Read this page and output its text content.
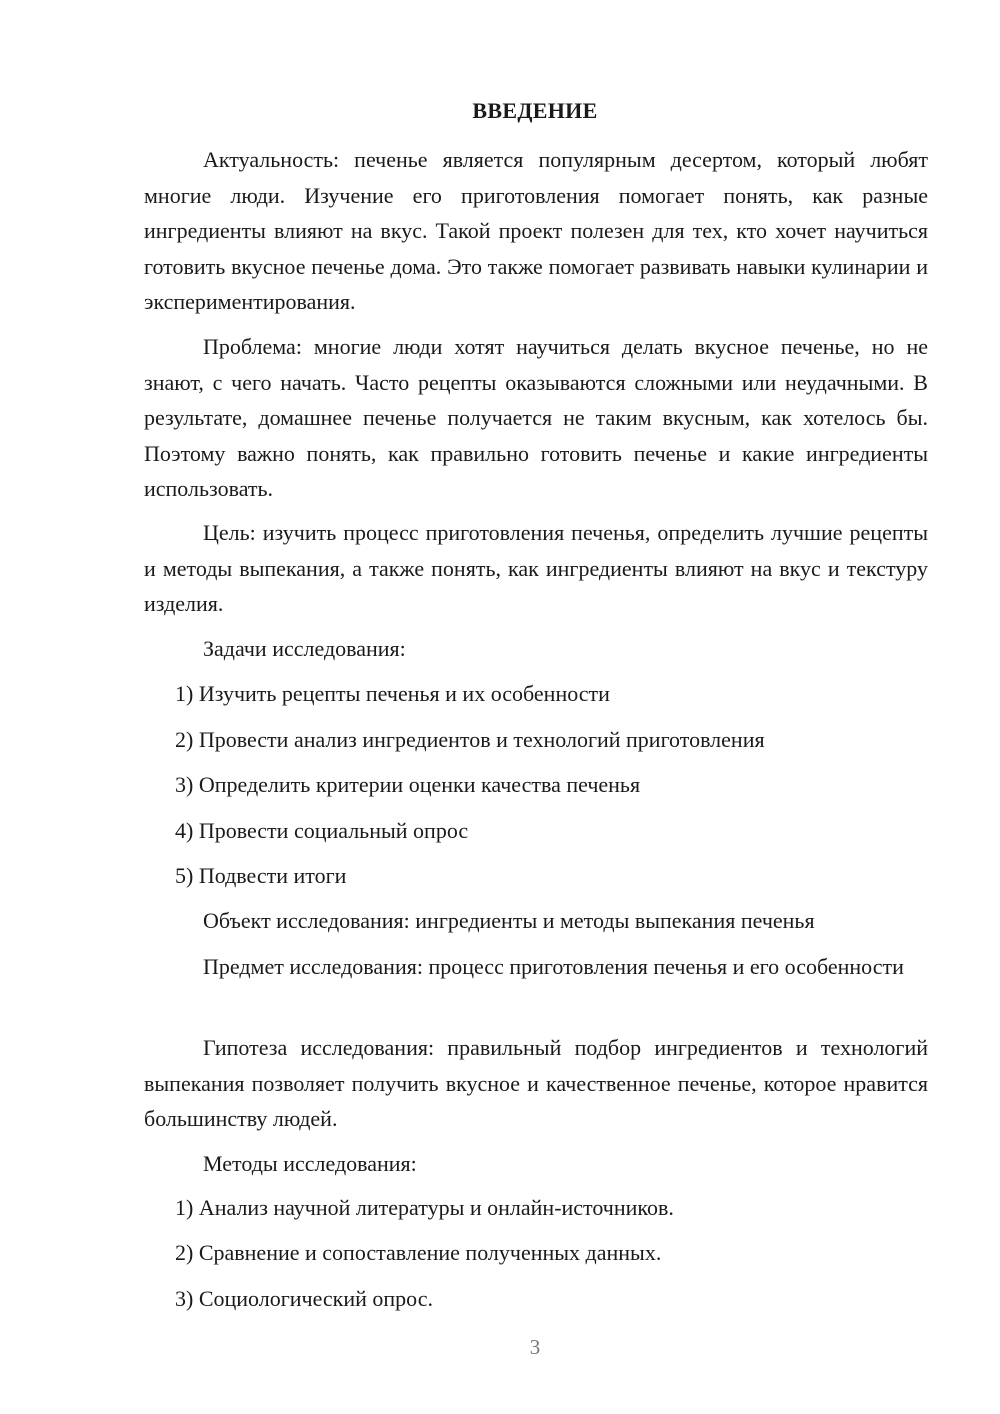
ВВЕДЕНИЕ

Актуальность: печенье является популярным десертом, который любят многие люди. Изучение его приготовления помогает понять, как разные ингредиенты влияют на вкус. Такой проект полезен для тех, кто хочет научиться готовить вкусное печенье дома. Это также помогает развивать навыки кулинарии и экспериментирования.

Проблема: многие люди хотят научиться делать вкусное печенье, но не знают, с чего начать. Часто рецепты оказываются сложными или неудачными. В результате, домашнее печенье получается не таким вкусным, как хотелось бы. Поэтому важно понять, как правильно готовить печенье и какие ингредиенты использовать.

Цель: изучить процесс приготовления печенья, определить лучшие рецепты и методы выпекания, а также понять, как ингредиенты влияют на вкус и текстуру изделия.

Задачи исследования:

1) Изучить рецепты печенья и их особенности

2) Провести анализ ингредиентов и технологий приготовления

3) Определить критерии оценки качества печенья

4) Провести социальный опрос

5) Подвести итоги

Объект исследования: ингредиенты и методы выпекания печенья

Предмет исследования: процесс приготовления печенья и его особенности

Гипотеза исследования: правильный подбор ингредиентов и технологий выпекания позволяет получить вкусное и качественное печенье, которое нравится большинству людей.

Методы исследования:

1) Анализ научной литературы и онлайн-источников.

2) Сравнение и сопоставление полученных данных.

3) Социологический опрос.

3
